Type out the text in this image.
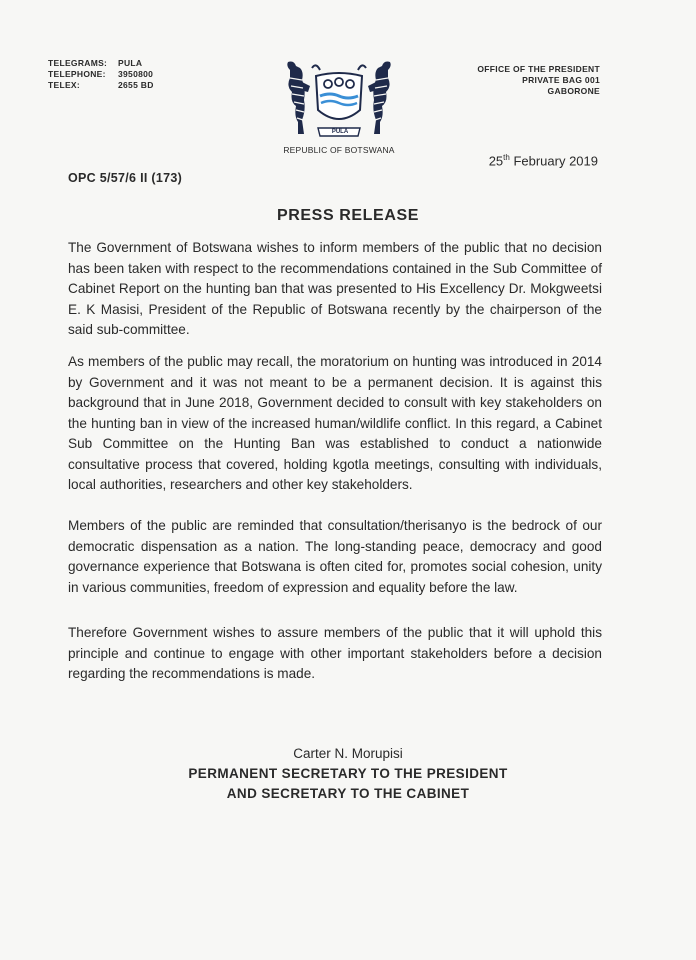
TELEGRAMS:	PULA
TELEPHONE:	3950800
TELEX:	2655 BD
PULA
REPUBLIC OF BOTSWANA
OFFICE OF THE PRESIDENT
PRIVATE BAG 001
GABORONE
25th February 2019
OPC 5/57/6 II (173)
PRESS RELEASE
The Government of Botswana wishes to inform members of the public that no decision has been taken with respect to the recommendations contained in the Sub Committee of Cabinet Report on the hunting ban that was presented to His Excellency Dr. Mokgweetsi E. K Masisi, President of the Republic of Botswana recently by the chairperson of the said sub-committee.
As members of the public may recall, the moratorium on hunting was introduced in 2014 by Government and it was not meant to be a permanent decision. It is against this background that in June 2018, Government decided to consult with key stakeholders on the hunting ban in view of the increased human/wildlife conflict. In this regard, a Cabinet Sub Committee on the Hunting Ban was established to conduct a nationwide consultative process that covered, holding kgotla meetings, consulting with individuals, local authorities, researchers and other key stakeholders.
Members of the public are reminded that consultation/therisanyo is the bedrock of our democratic dispensation as a nation. The long-standing peace, democracy and good governance experience that Botswana is often cited for, promotes social cohesion, unity in various communities, freedom of expression and equality before the law.
Therefore Government wishes to assure members of the public that it will uphold this principle and continue to engage with other important stakeholders before a decision regarding the recommendations is made.
Carter N. Morupisi
PERMANENT SECRETARY TO THE PRESIDENT
AND SECRETARY TO THE CABINET
